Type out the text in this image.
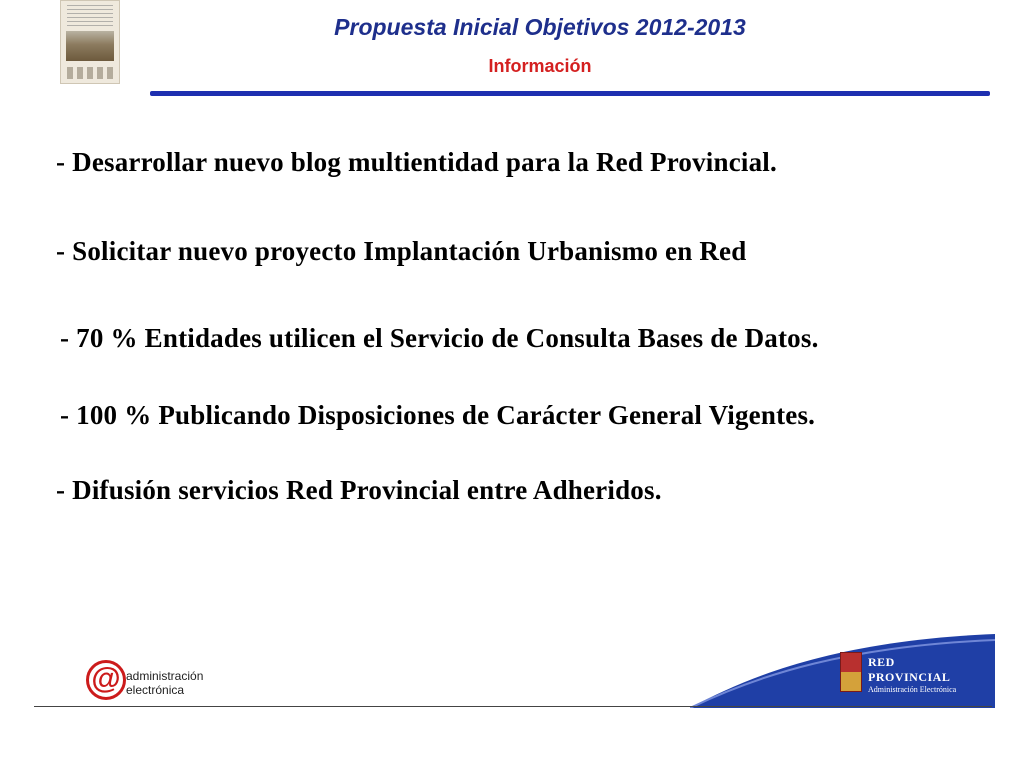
Propuesta Inicial Objetivos 2012-2013
Información
- Desarrollar nuevo blog multientidad para la Red Provincial.
- Solicitar nuevo proyecto Implantación Urbanismo en Red
- 70 % Entidades utilicen el Servicio de Consulta Bases de Datos.
- 100 % Publicando Disposiciones de Carácter General Vigentes.
- Difusión servicios Red Provincial entre Adheridos.
@ administración
electrónica
RED
PROVINCIAL
Administración Electrónica
